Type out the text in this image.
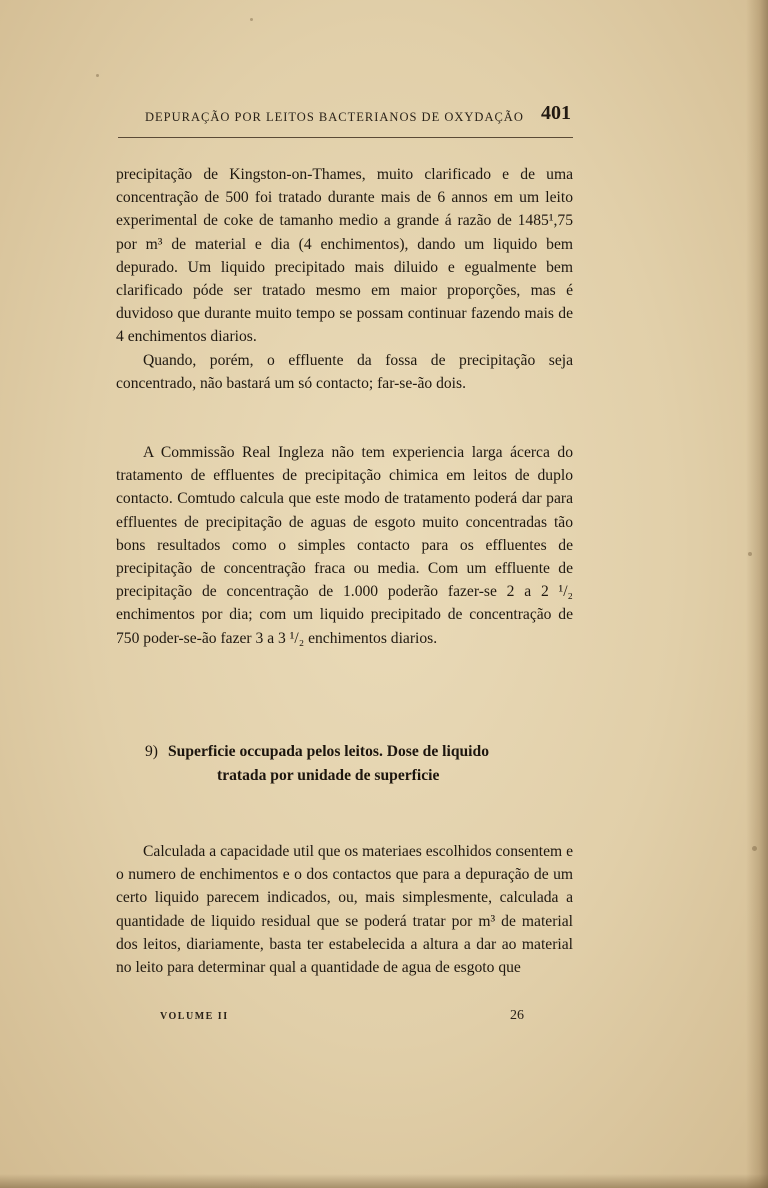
DEPURAÇÃO POR LEITOS BACTERIANOS DE OXYDAÇÃO 401

precipitação de Kingston-on-Thames, muito clarificado e de uma concentração de 500 foi tratado durante mais de 6 annos em um leito experimental de coke de tamanho medio a grande á razão de 1485¹,75 por m³ de material e dia (4 enchimentos), dando um liquido bem depurado. Um liquido precipitado mais diluido e egualmente bem clarificado póde ser tratado mesmo em maior proporções, mas é duvidoso que durante muito tempo se possam continuar fazendo mais de 4 enchimentos diarios.

Quando, porém, o effluente da fossa de precipitação seja concentrado, não bastará um só contacto; far-se-ão dois.

A Commissão Real Ingleza não tem experiencia larga ácerca do tratamento de effluentes de precipitação chimica em leitos de duplo contacto. Comtudo calcula que este modo de tratamento poderá dar para effluentes de precipitação de aguas de esgoto muito concentradas tão bons resultados como o simples contacto para os effluentes de precipitação de concentração fraca ou media. Com um effluente de precipitação de concentração de 1.000 poderão fazer-se 2 a 2 ¹/₂ enchimentos por dia; com um liquido precipitado de concentração de 750 poder-se-ão fazer 3 a 3 ¹/₂ enchimentos diarios.

9) Superficie occupada pelos leitos. Dose de liquido
tratada por unidade de superficie

Calculada a capacidade util que os materiaes escolhidos consentem e o numero de enchimentos e o dos contactos que para a depuração de um certo liquido parecem indicados, ou, mais simplesmente, calculada a quantidade de liquido residual que se poderá tratar por m³ de material dos leitos, diariamente, basta ter estabelecida a altura a dar ao material no leito para determinar qual a quantidade de agua de esgoto que

VOLUME II	26
